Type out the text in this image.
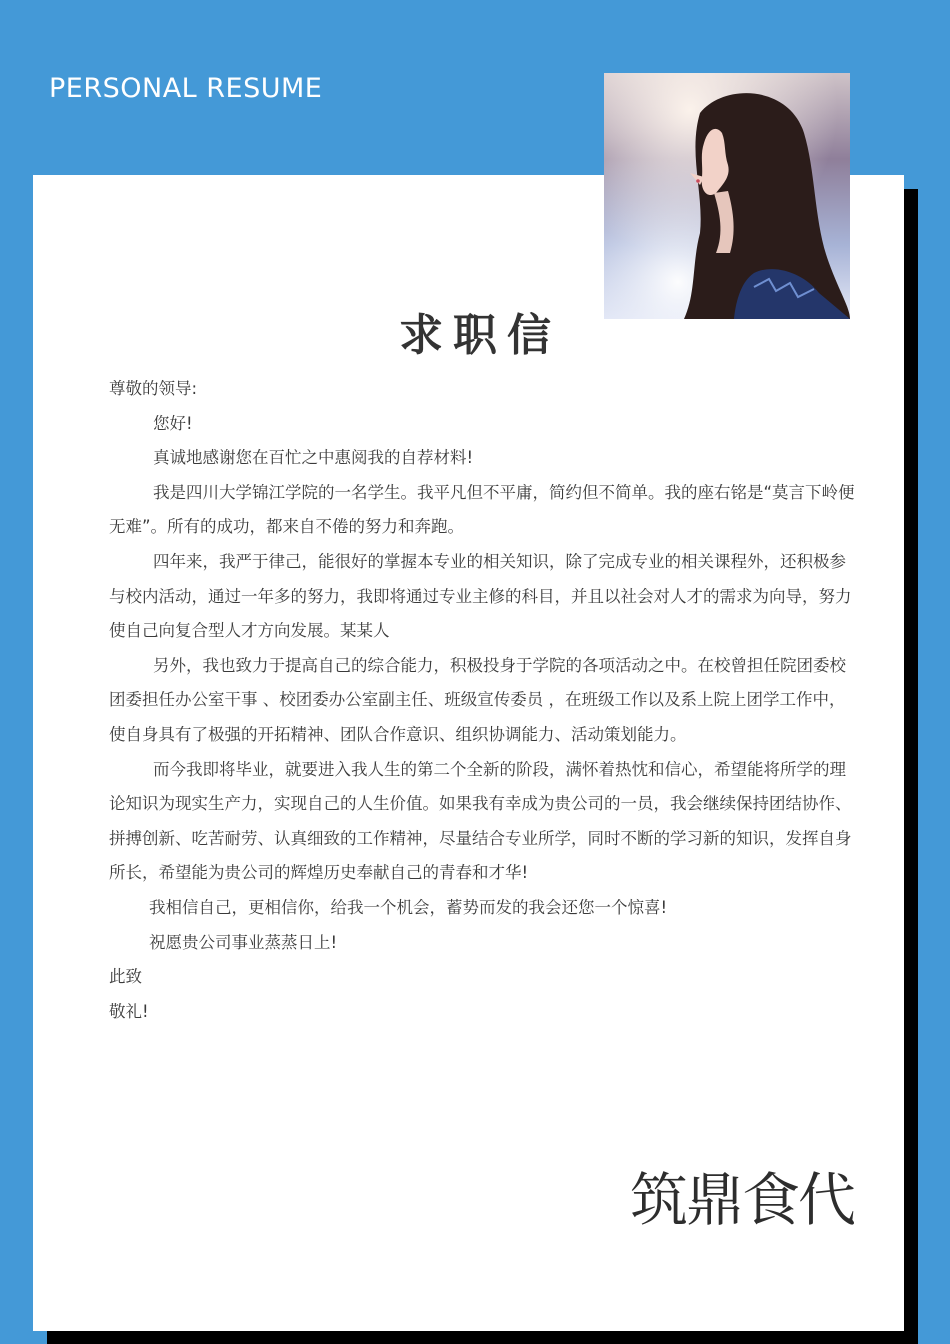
PERSONAL RESUME
求职信

尊敬的领导:

您好!

真诚地感谢您在百忙之中惠阅我的自荐材料!

我是四川大学锦江学院的一名学生。我平凡但不平庸，简约但不简单。我的座右铭是“莫言下岭便无难”。所有的成功，都来自不倦的努力和奔跑。

四年来，我严于律己，能很好的掌握本专业的相关知识，除了完成专业的相关课程外，还积极参与校内活动，通过一年多的努力，我即将通过专业主修的科目，并且以社会对人才的需求为向导，努力使自己向复合型人才方向发展。某某人

另外，我也致力于提高自己的综合能力，积极投身于学院的各项活动之中。在校曾担任院团委校团委担任办公室干事 、校团委办公室副主任、班级宣传委员 ，在班级工作以及系上院上团学工作中，使自身具有了极强的开拓精神、团队合作意识、组织协调能力、活动策划能力。

而今我即将毕业，就要进入我人生的第二个全新的阶段，满怀着热忱和信心，希望能将所学的理论知识为现实生产力，实现自己的人生价值。如果我有幸成为贵公司的一员，我会继续保持团结协作、拼搏创新、吃苦耐劳、认真细致的工作精神，尽量结合专业所学，同时不断的学习新的知识，发挥自身所长，希望能为贵公司的辉煌历史奉献自己的青春和才华!

我相信自己，更相信你，给我一个机会，蓄势而发的我会还您一个惊喜!

祝愿贵公司事业蒸蒸日上!

此致

敬礼!

筑鼎食代
